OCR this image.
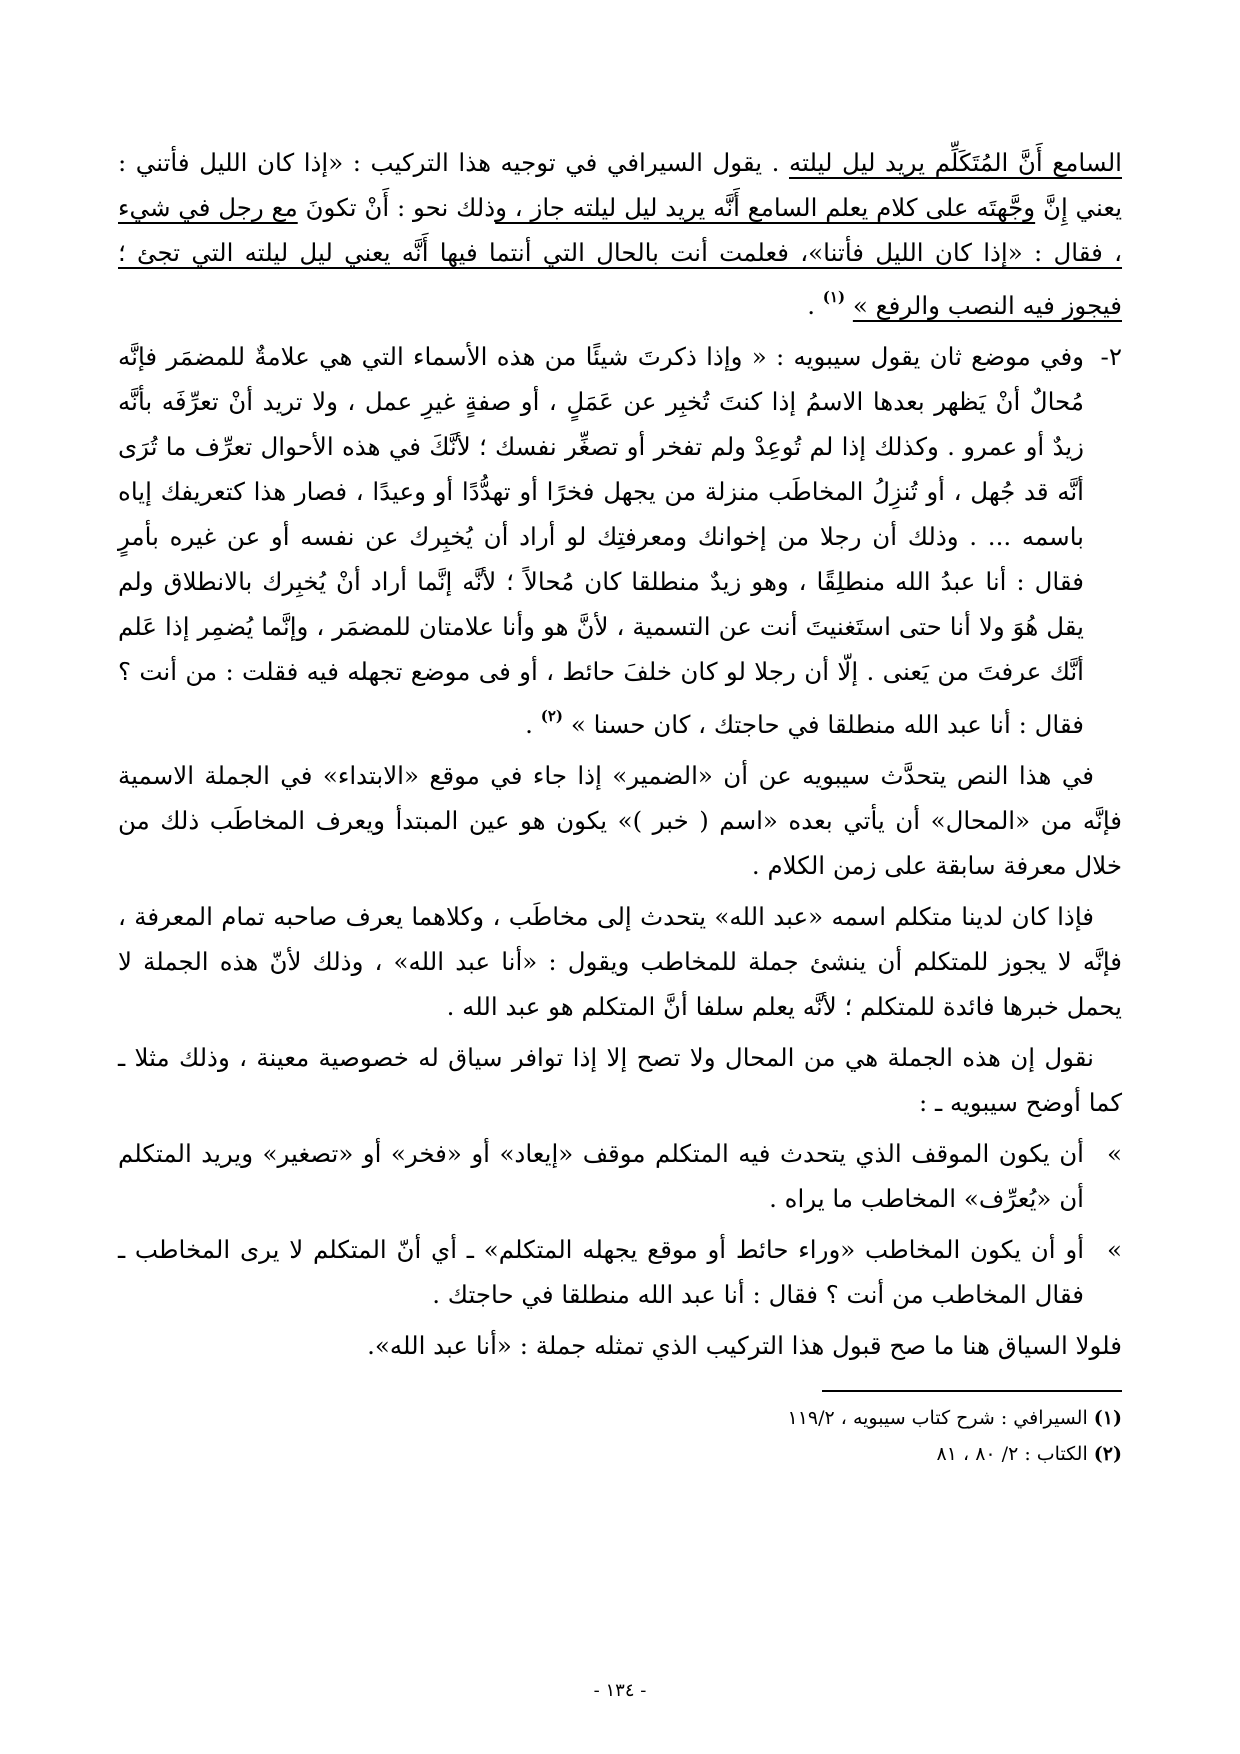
السامع أَنَّ المُتَكَلِّم يريد ليل ليلته . يقول السيرافي في توجيه هذا التركيب : «إذا كان الليل فأتني : يعني إِنَّ وجَّهتَه على كلام يعلم السامع أَنَّه يريد ليل ليلته جاز ، وذلك نحو : أَنْ تكونَ مع رجل في شيء ، فقال : «إذا كان الليل فأتنا»، فعلمت أنت بالحال التي أنتما فيها أَنَّه يعني ليل ليلته التي تجئ ؛ فيجوز فيه النصب والرفع » $^{(١)}$ .

٢-
وفي موضع ثان يقول سيبويه : « وإذا ذكرتَ شيئًا من هذه الأسماء التي هي علامةٌ للمضمَر فإنَّه مُحالٌ أنْ يَظهر بعدها الاسمُ إذا كنتَ تُخبِر عن عَمَلٍ ، أو صفةٍ غيرِ عمل ، ولا تريد أنْ تعرِّفَه بأنَّه زيدٌ أو عمرو . وكذلك إذا لم تُوعِدْ ولم تفخر أو تصغِّر نفسك ؛ لأنَّكَ في هذه الأحوال تعرِّف ما تُرَى أنَّه قد جُهل ، أو تُنزِلُ المخاطَب منزلة من يجهل فخرًا أو تهدُّدًا أو وعيدًا ، فصار هذا كتعريفك إياه باسمه ... . وذلك أن رجلا من إخوانك ومعرفتِك لو أراد أن يُخبِرك عن نفسه أو عن غيره بأمرٍ فقال : أنا عبدُ الله منطلِقًا ، وهو زيدٌ منطلقا كان مُحالاً ؛ لأنَّه إنَّما أراد أنْ يُخبِرك بالانطلاق ولم يقل هُوَ ولا أنا حتى استَغنيتَ أنت عن التسمية ، لأنَّ هو وأنا علامتان للمضمَر ، وإنَّما يُضمِر إذا عَلم أنَّك عرفتَ من يَعنى . إلّا أن رجلا لو كان خلفَ حائط ، أو فى موضع تجهله فيه فقلت : من أنت ؟ فقال : أنا عبد الله منطلقا في حاجتك ، كان حسنا » $^{(٢)}$ .

في هذا النص يتحدَّث سيبويه عن أن «الضمير» إذا جاء في موقع «الابتداء» في الجملة الاسمية فإنَّه من «المحال» أن يأتي بعده «اسم ( خبر )» يكون هو عين المبتدأ ويعرف المخاطَب ذلك من خلال معرفة سابقة على زمن الكلام .

فإذا كان لدينا متكلم اسمه «عبد الله» يتحدث إلى مخاطَب ، وكلاهما يعرف صاحبه تمام المعرفة ، فإنَّه لا يجوز للمتكلم أن ينشئ جملة للمخاطب ويقول : «أنا عبد الله» ، وذلك لأنّ هذه الجملة لا يحمل خبرها فائدة للمتكلم ؛ لأنَّه يعلم سلفا أنَّ المتكلم هو عبد الله .

نقول إن هذه الجملة هي من المحال ولا تصح إلا إذا توافر سياق له خصوصية معينة ، وذلك مثلا ـ كما أوضح سيبويه ـ :

»
أن يكون الموقف الذي يتحدث فيه المتكلم موقف «إيعاد» أو «فخر» أو «تصغير» ويريد المتكلم أن «يُعرِّف» المخاطب ما يراه .
»
أو أن يكون المخاطب «وراء حائط أو موقع يجهله المتكلم» ـ أي أنّ المتكلم لا يرى المخاطب ـ فقال المخاطب من أنت ؟ فقال : أنا عبد الله منطلقا في حاجتك .

فلولا السياق هنا ما صح قبول هذا التركيب الذي تمثله جملة : «أنا عبد الله».

(١) السيرافي : شرح كتاب سيبويه ، ١١٩/٢
(٢) الكتاب : ٢/ ٨٠ ، ٨١
- ١٣٤ -
